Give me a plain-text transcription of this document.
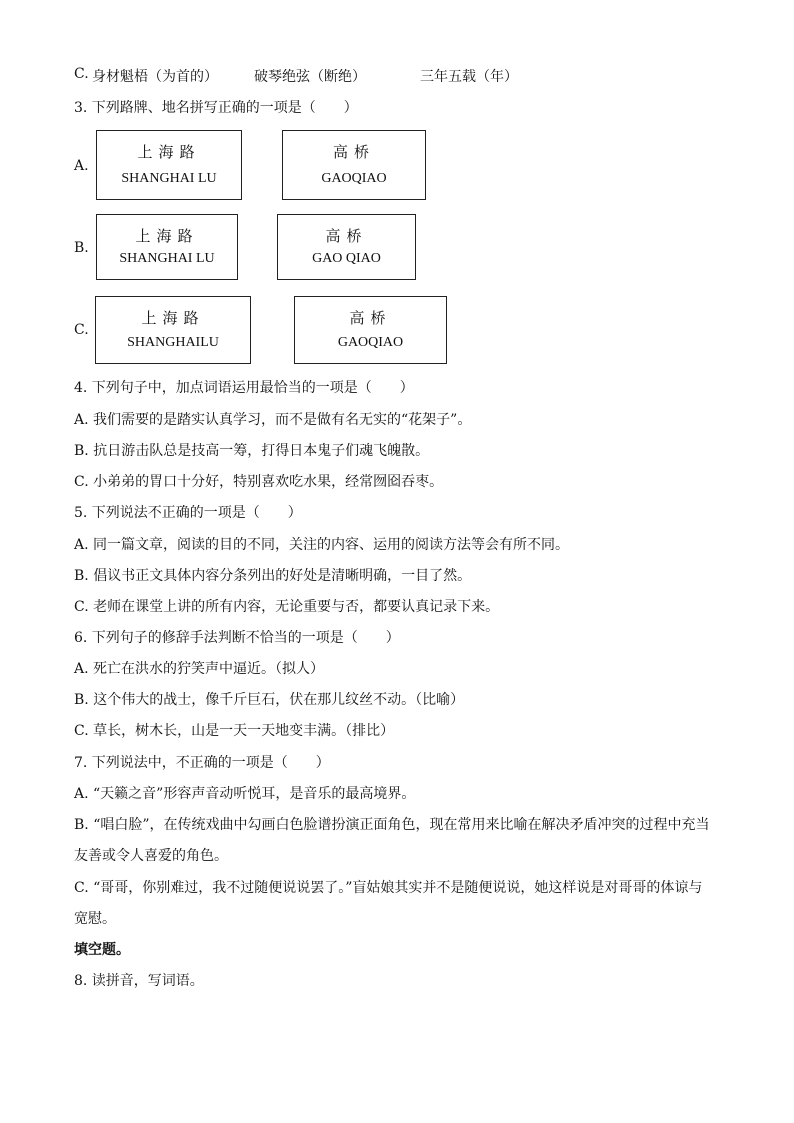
C. 身材魁梧（为首的）	破琴绝弦（断绝）	三年五载（年）
3. 下列路牌、地名拼写正确的一项是（　　）
A.
上海路
SHANGHAI LU
高桥
GAOQIAO
B.
上海路
SHANGHAI LU
高桥
GAO QIAO
C.
上海路
SHANGHAILU
高桥
GAOQIAO
4. 下列句子中，加点词语运用最恰当的一项是（　　）
A. 我们需要的是踏实认真学习，而不是做有名无实的“花架子”。
B. 抗日游击队总是技高一筹，打得日本鬼子们魂飞魄散。
C. 小弟弟的胃口十分好，特别喜欢吃水果，经常囫囵吞枣。
5. 下列说法不正确的一项是（　　）
A. 同一篇文章，阅读的目的不同，关注的内容、运用的阅读方法等会有所不同。
B. 倡议书正文具体内容分条列出的好处是清晰明确，一目了然。
C. 老师在课堂上讲的所有内容，无论重要与否，都要认真记录下来。
6. 下列句子的修辞手法判断不恰当的一项是（　　）
A. 死亡在洪水的狞笑声中逼近。（拟人）
B. 这个伟大的战士，像千斤巨石，伏在那儿纹丝不动。（比喻）
C. 草长，树木长，山是一天一天地变丰满。（排比）
7. 下列说法中，不正确的一项是（　　）
A. “天籁之音”形容声音动听悦耳，是音乐的最高境界。
B. “唱白脸”，在传统戏曲中勾画白色脸谱扮演正面角色，现在常用来比喻在解决矛盾冲突的过程中充当
友善或令人喜爱的角色。
C. “哥哥，你别难过，我不过随便说说罢了。”盲姑娘其实并不是随便说说，她这样说是对哥哥的体谅与
宽慰。
填空题。
8. 读拼音，写词语。
